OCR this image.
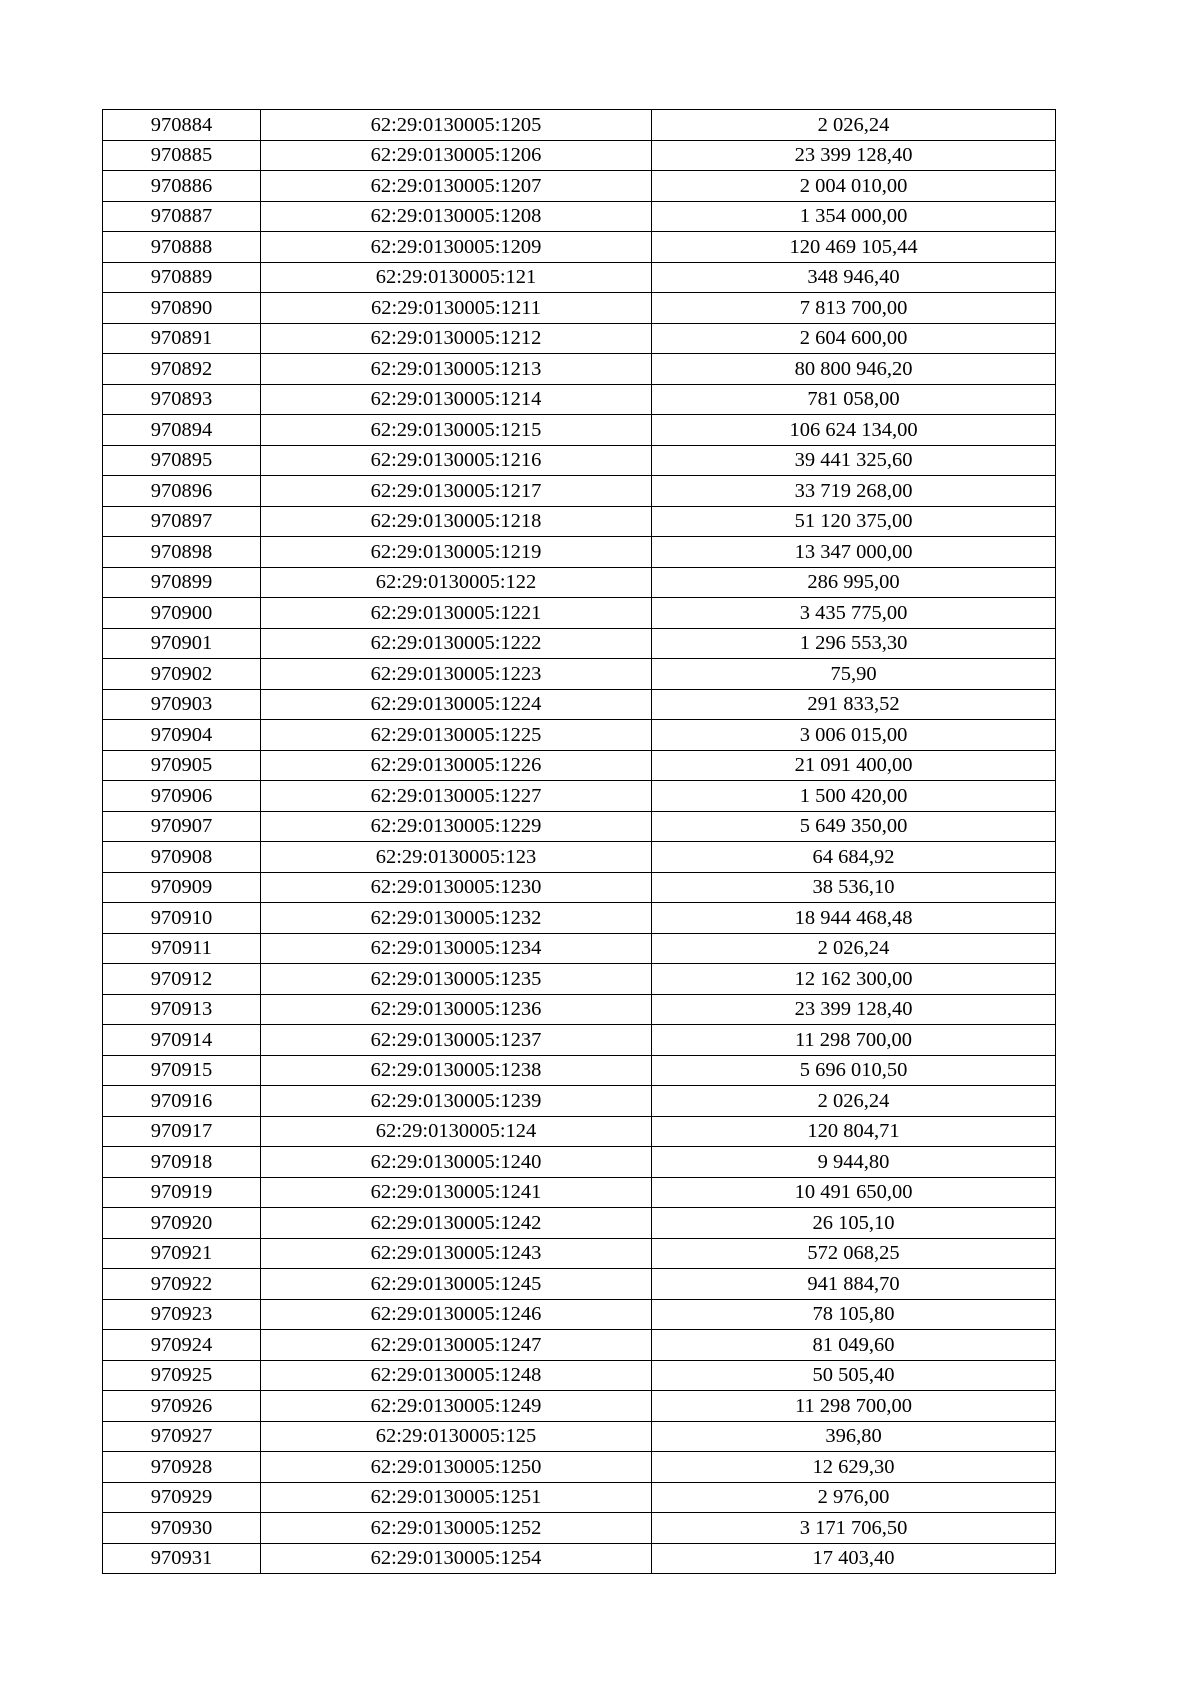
970884	62:29:0130005:1205	2 026,24
970885	62:29:0130005:1206	23 399 128,40
970886	62:29:0130005:1207	2 004 010,00
970887	62:29:0130005:1208	1 354 000,00
970888	62:29:0130005:1209	120 469 105,44
970889	62:29:0130005:121	348 946,40
970890	62:29:0130005:1211	7 813 700,00
970891	62:29:0130005:1212	2 604 600,00
970892	62:29:0130005:1213	80 800 946,20
970893	62:29:0130005:1214	781 058,00
970894	62:29:0130005:1215	106 624 134,00
970895	62:29:0130005:1216	39 441 325,60
970896	62:29:0130005:1217	33 719 268,00
970897	62:29:0130005:1218	51 120 375,00
970898	62:29:0130005:1219	13 347 000,00
970899	62:29:0130005:122	286 995,00
970900	62:29:0130005:1221	3 435 775,00
970901	62:29:0130005:1222	1 296 553,30
970902	62:29:0130005:1223	75,90
970903	62:29:0130005:1224	291 833,52
970904	62:29:0130005:1225	3 006 015,00
970905	62:29:0130005:1226	21 091 400,00
970906	62:29:0130005:1227	1 500 420,00
970907	62:29:0130005:1229	5 649 350,00
970908	62:29:0130005:123	64 684,92
970909	62:29:0130005:1230	38 536,10
970910	62:29:0130005:1232	18 944 468,48
970911	62:29:0130005:1234	2 026,24
970912	62:29:0130005:1235	12 162 300,00
970913	62:29:0130005:1236	23 399 128,40
970914	62:29:0130005:1237	11 298 700,00
970915	62:29:0130005:1238	5 696 010,50
970916	62:29:0130005:1239	2 026,24
970917	62:29:0130005:124	120 804,71
970918	62:29:0130005:1240	9 944,80
970919	62:29:0130005:1241	10 491 650,00
970920	62:29:0130005:1242	26 105,10
970921	62:29:0130005:1243	572 068,25
970922	62:29:0130005:1245	941 884,70
970923	62:29:0130005:1246	78 105,80
970924	62:29:0130005:1247	81 049,60
970925	62:29:0130005:1248	50 505,40
970926	62:29:0130005:1249	11 298 700,00
970927	62:29:0130005:125	396,80
970928	62:29:0130005:1250	12 629,30
970929	62:29:0130005:1251	2 976,00
970930	62:29:0130005:1252	3 171 706,50
970931	62:29:0130005:1254	17 403,40
